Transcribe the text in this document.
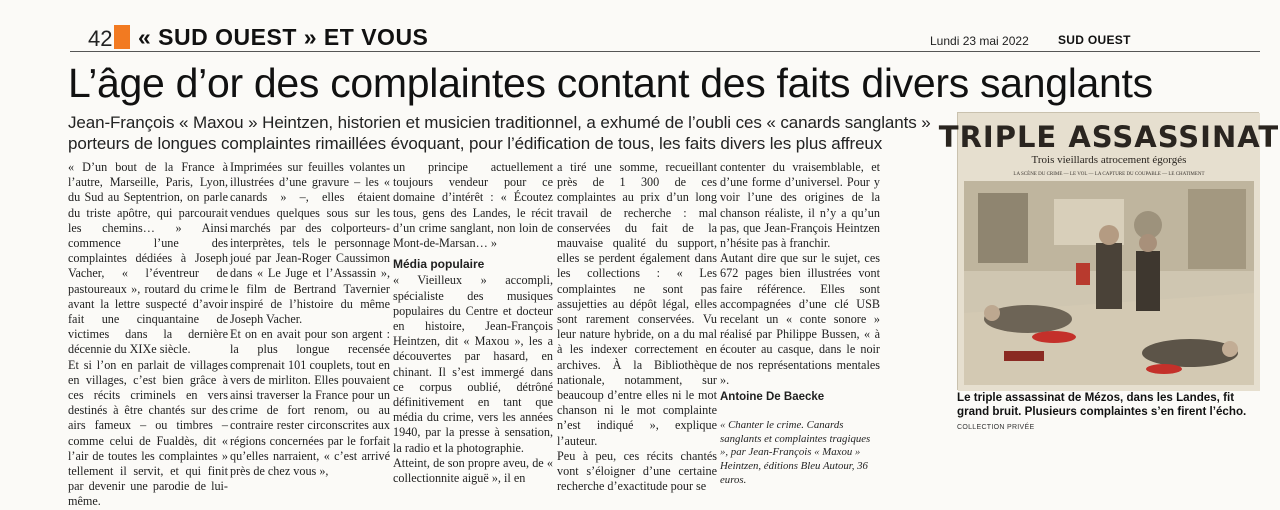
42 « SUD OUEST » ET VOUS	Lundi 23 mai 2022 SUD OUEST
L’âge d’or des complaintes contant des faits divers sanglants
Jean-François « Maxou » Heintzen, historien et musicien traditionnel, a exhumé de l’oubli ces « canards sanglants »
porteurs de longues complaintes rimaillées évoquant, pour l’édification de tous, les faits divers les plus affreux

« D’un bout de la France à l’autre, Marseille, Paris, Lyon, du Sud au Septentrion, on parle du triste apôtre, qui parcourait les chemins… » Ainsi commence l’une des complaintes dédiées à Joseph Vacher, « l’éventreur de pastoureaux », routard du crime avant la lettre suspecté d’avoir fait une cinquantaine de victimes dans la dernière décennie du XIXe siècle.

Et si l’on en parlait de villages en villages, c’est bien grâce à ces récits criminels en vers destinés à être chantés sur des airs fameux – ou timbres – comme celui de Fualdès, dit « l’air de toutes les complaintes » tellement il servit, et qui finit par devenir une parodie de lui-même.

Imprimées sur feuilles volantes illustrées d’une gravure – les « canards » –, elles étaient vendues quelques sous sur les marchés par des colporteurs-interprètes, tels le personnage joué par Jean-Roger Caussimon dans « Le Juge et l’Assassin », le film de Bertrand Tavernier inspiré de l’histoire du même Joseph Vacher.

Et on en avait pour son argent : la plus longue recensée comprenait 101 couplets, tout en vers de mirliton. Elles pouvaient ainsi traverser la France pour un crime de fort renom, ou au contraire rester circonscrites aux régions concernées par le forfait qu’elles narraient, « c’est arrivé près de chez vous »,

un principe actuellement toujours vendeur pour ce domaine d’intérêt : « Écoutez tous, gens des Landes, le récit d’un crime sanglant, non loin de Mont-de-Marsan… »

Média populaire

« Vieilleux » accompli, spécialiste des musiques populaires du Centre et docteur en histoire, Jean-François Heintzen, dit « Maxou », les a découvertes par hasard, en chinant. Il s’est immergé dans ce corpus oublié, détrôné définitivement en tant que média du crime, vers les années 1940, par la presse à sensation, la radio et la photographie.

Atteint, de son propre aveu, de « collectionnite aiguë », il en

a tiré une somme, recueillant près de 1 300 de ces complaintes au prix d’un long travail de recherche : mal conservées du fait de la mauvaise qualité du support, elles se perdent également dans les collections : « Les complaintes ne sont pas assujetties au dépôt légal, elles sont rarement conservées. Vu leur nature hybride, on a du mal à les indexer correctement en archives. À la Bibliothèque nationale, notamment, sur beaucoup d’entre elles ni le mot chanson ni le mot complainte n’est indiqué », explique l’auteur.

Peu à peu, ces récits chantés vont s’éloigner d’une certaine recherche d’exactitude pour se

contenter du vraisemblable, et d’une forme d’universel. Pour y voir l’une des origines de la chanson réaliste, il n’y a qu’un pas, que Jean-François Heintzen n’hésite pas à franchir.

Autant dire que sur le sujet, ces 672 pages bien illustrées vont faire référence. Elles sont accompagnées d’une clé USB recelant un « conte sonore » réalisé par Philippe Bussen, « à écouter au casque, dans le noir de nos représentations mentales ».

Antoine De Baecke

« Chanter le crime. Canards sanglants et complaintes tragiques », par Jean-François « Maxou » Heintzen, éditions Bleu Autour, 36 euros.

TRIPLE ASSASSINAT
Trois vieillards atrocement égorgés
LA SCÈNE DU CRIME — LE VOL — LA CAPTURE DU COUPABLE — LE CHATIMENT
Le triple assassinat de Mézos, dans les Landes, fit grand bruit. Plusieurs complaintes s’en firent l’écho. COLLECTION PRIVÉE
